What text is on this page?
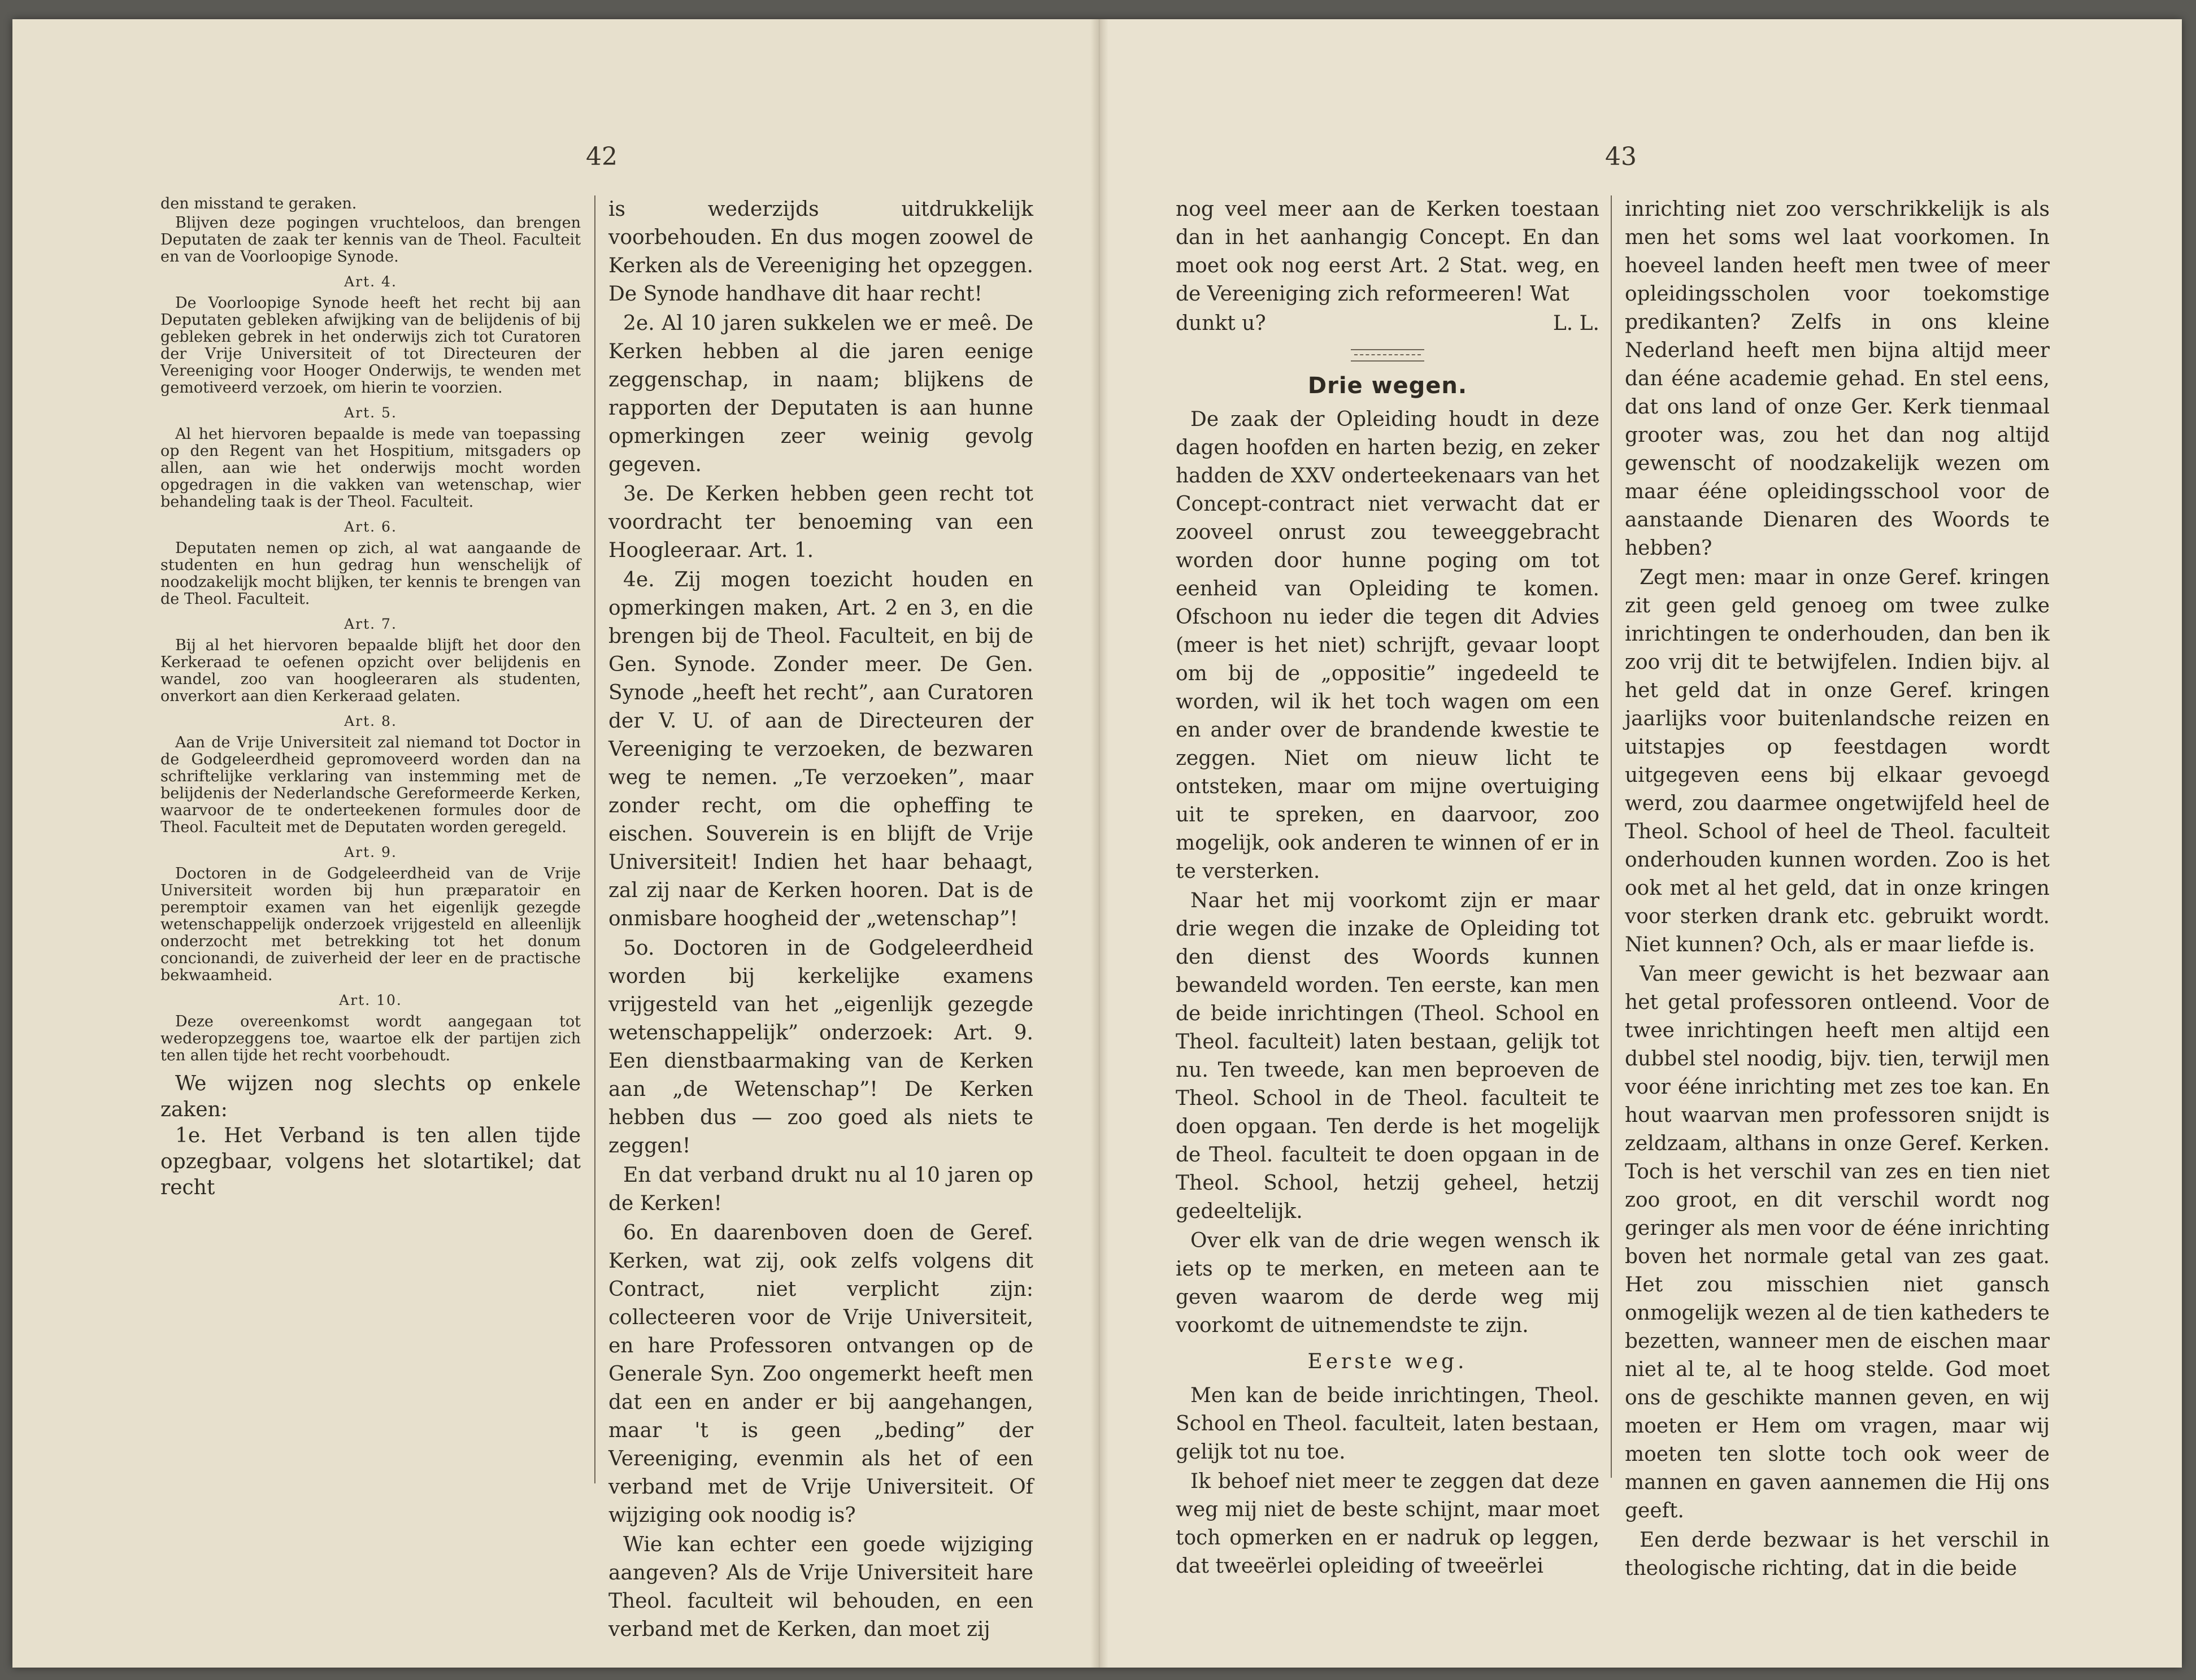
42

den misstand te geraken.

Blijven deze pogingen vruchteloos, dan brengen Deputaten de zaak ter kennis van de Theol. Faculteit en van de Voorloopige Synode.

Art. 4.

De Voorloopige Synode heeft het recht bij aan Deputaten gebleken afwijking van de belijdenis of bij gebleken gebrek in het onderwijs zich tot Curatoren der Vrije Universiteit of tot Directeuren der Vereeniging voor Hooger Onderwijs, te wenden met gemotiveerd verzoek, om hierin te voorzien.

Art. 5.

Al het hiervoren bepaalde is mede van toepassing op den Regent van het Hospitium, mitsgaders op allen, aan wie het onderwijs mocht worden opgedragen in die vakken van wetenschap, wier behandeling taak is der Theol. Faculteit.

Art. 6.

Deputaten nemen op zich, al wat aangaande de studenten en hun gedrag hun wenschelijk of noodzakelijk mocht blijken, ter kennis te brengen van de Theol. Faculteit.

Art. 7.

Bij al het hiervoren bepaalde blijft het door den Kerkeraad te oefenen opzicht over belijdenis en wandel, zoo van hoogleeraren als studenten, onverkort aan dien Kerkeraad gelaten.

Art. 8.

Aan de Vrije Universiteit zal niemand tot Doctor in de Godgeleerdheid gepromoveerd worden dan na schriftelijke verklaring van instemming met de belijdenis der Nederlandsche Gereformeerde Kerken, waarvoor de te onderteekenen formules door de Theol. Faculteit met de Deputaten worden geregeld.

Art. 9.

Doctoren in de Godgeleerdheid van de Vrije Universiteit worden bij hun præparatoir en peremptoir examen van het eigenlijk gezegde wetenschappelijk onderzoek vrijgesteld en alleenlijk onderzocht met betrekking tot het donum concionandi, de zuiverheid der leer en de practische bekwaamheid.

Art. 10.

Deze overeenkomst wordt aangegaan tot wederopzeggens toe, waartoe elk der partijen zich ten allen tijde het recht voorbehoudt.

We wijzen nog slechts op enkele zaken:

1e. Het Verband is ten allen tijde opzegbaar, volgens het slotartikel; dat recht

is wederzijds uitdrukkelijk voorbehouden. En dus mogen zoowel de Kerken als de Vereeniging het opzeggen. De Synode handhave dit haar recht!

2e. Al 10 jaren sukkelen we er meê. De Kerken hebben al die jaren eenige zeggenschap, in naam; blijkens de rapporten der Deputaten is aan hunne opmerkingen zeer weinig gevolg gegeven.

3e. De Kerken hebben geen recht tot voordracht ter benoeming van een Hoogleeraar. Art. 1.

4e. Zij mogen toezicht houden en opmerkingen maken, Art. 2 en 3, en die brengen bij de Theol. Faculteit, en bij de Gen. Synode. Zonder meer. De Gen. Synode „heeft het recht”, aan Curatoren der V. U. of aan de Directeuren der Vereeniging te verzoeken, de bezwaren weg te nemen. „Te verzoeken”, maar zonder recht, om die opheffing te eischen. Souverein is en blijft de Vrije Universiteit! Indien het haar behaagt, zal zij naar de Kerken hooren. Dat is de onmisbare hoogheid der „wetenschap”!

5o. Doctoren in de Godgeleerdheid worden bij kerkelijke examens vrijgesteld van het „eigenlijk gezegde wetenschappelijk” onderzoek: Art. 9. Een dienstbaarmaking van de Kerken aan „de Wetenschap”! De Kerken hebben dus — zoo goed als niets te zeggen!

En dat verband drukt nu al 10 jaren op de Kerken!

6o. En daarenboven doen de Geref. Kerken, wat zij, ook zelfs volgens dit Contract, niet verplicht zijn: collecteeren voor de Vrije Universiteit, en hare Professoren ontvangen op de Generale Syn. Zoo ongemerkt heeft men dat een en ander er bij aangehangen, maar 't is geen „beding” der Vereeniging, evenmin als het of een verband met de Vrije Universiteit. Of wijziging ook noodig is?

Wie kan echter een goede wijziging aangeven? Als de Vrije Universiteit hare Theol. faculteit wil behouden, en een verband met de Kerken, dan moet zij

43

nog veel meer aan de Kerken toestaan dan in het aanhangig Concept. En dan moet ook nog eerst Art. 2 Stat. weg, en de Vereeniging zich reformeeren! Wat

dunkt u?	L. L.
Drie wegen.

De zaak der Opleiding houdt in deze dagen hoofden en harten bezig, en zeker hadden de XXV onderteekenaars van het Concept-contract niet verwacht dat er zooveel onrust zou teweeggebracht worden door hunne poging om tot eenheid van Opleiding te komen. Ofschoon nu ieder die tegen dit Advies (meer is het niet) schrijft, gevaar loopt om bij de „oppositie” ingedeeld te worden, wil ik het toch wagen om een en ander over de brandende kwestie te zeggen. Niet om nieuw licht te ontsteken, maar om mijne overtuiging uit te spreken, en daarvoor, zoo mogelijk, ook anderen te winnen of er in te versterken.

Naar het mij voorkomt zijn er maar drie wegen die inzake de Opleiding tot den dienst des Woords kunnen bewandeld worden. Ten eerste, kan men de beide inrichtingen (Theol. School en Theol. faculteit) laten bestaan, gelijk tot nu. Ten tweede, kan men beproeven de Theol. School in de Theol. faculteit te doen opgaan. Ten derde is het mogelijk de Theol. faculteit te doen opgaan in de Theol. School, hetzij geheel, hetzij gedeeltelijk.

Over elk van de drie wegen wensch ik iets op te merken, en meteen aan te geven waarom de derde weg mij voorkomt de uitnemendste te zijn.

Eerste weg.

Men kan de beide inrichtingen, Theol. School en Theol. faculteit, laten bestaan, gelijk tot nu toe.

Ik behoef niet meer te zeggen dat deze weg mij niet de beste schijnt, maar moet toch opmerken en er nadruk op leggen, dat tweeërlei opleiding of tweeërlei

inrichting niet zoo verschrikkelijk is als men het soms wel laat voorkomen. In hoeveel landen heeft men twee of meer opleidingsscholen voor toekomstige predikanten? Zelfs in ons kleine Nederland heeft men bijna altijd meer dan ééne academie gehad. En stel eens, dat ons land of onze Ger. Kerk tienmaal grooter was, zou het dan nog altijd gewenscht of noodzakelijk wezen om maar ééne opleidingsschool voor de aanstaande Dienaren des Woords te hebben?

Zegt men: maar in onze Geref. kringen zit geen geld genoeg om twee zulke inrichtingen te onderhouden, dan ben ik zoo vrij dit te betwijfelen. Indien bijv. al het geld dat in onze Geref. kringen jaarlijks voor buitenlandsche reizen en uitstapjes op feestdagen wordt uitgegeven eens bij elkaar gevoegd werd, zou daarmee ongetwijfeld heel de Theol. School of heel de Theol. faculteit onderhouden kunnen worden. Zoo is het ook met al het geld, dat in onze kringen voor sterken drank etc. gebruikt wordt. Niet kunnen? Och, als er maar liefde is.

Van meer gewicht is het bezwaar aan het getal professoren ontleend. Voor de twee inrichtingen heeft men altijd een dubbel stel noodig, bijv. tien, terwijl men voor ééne inrichting met zes toe kan. En hout waarvan men professoren snijdt is zeldzaam, althans in onze Geref. Kerken. Toch is het verschil van zes en tien niet zoo groot, en dit verschil wordt nog geringer als men voor de ééne inrichting boven het normale getal van zes gaat. Het zou misschien niet gansch onmogelijk wezen al de tien katheders te bezetten, wanneer men de eischen maar niet al te, al te hoog stelde. God moet ons de geschikte mannen geven, en wij moeten er Hem om vragen, maar wij moeten ten slotte toch ook weer de mannen en gaven aannemen die Hij ons geeft.

Een derde bezwaar is het verschil in theologische richting, dat in die beide
